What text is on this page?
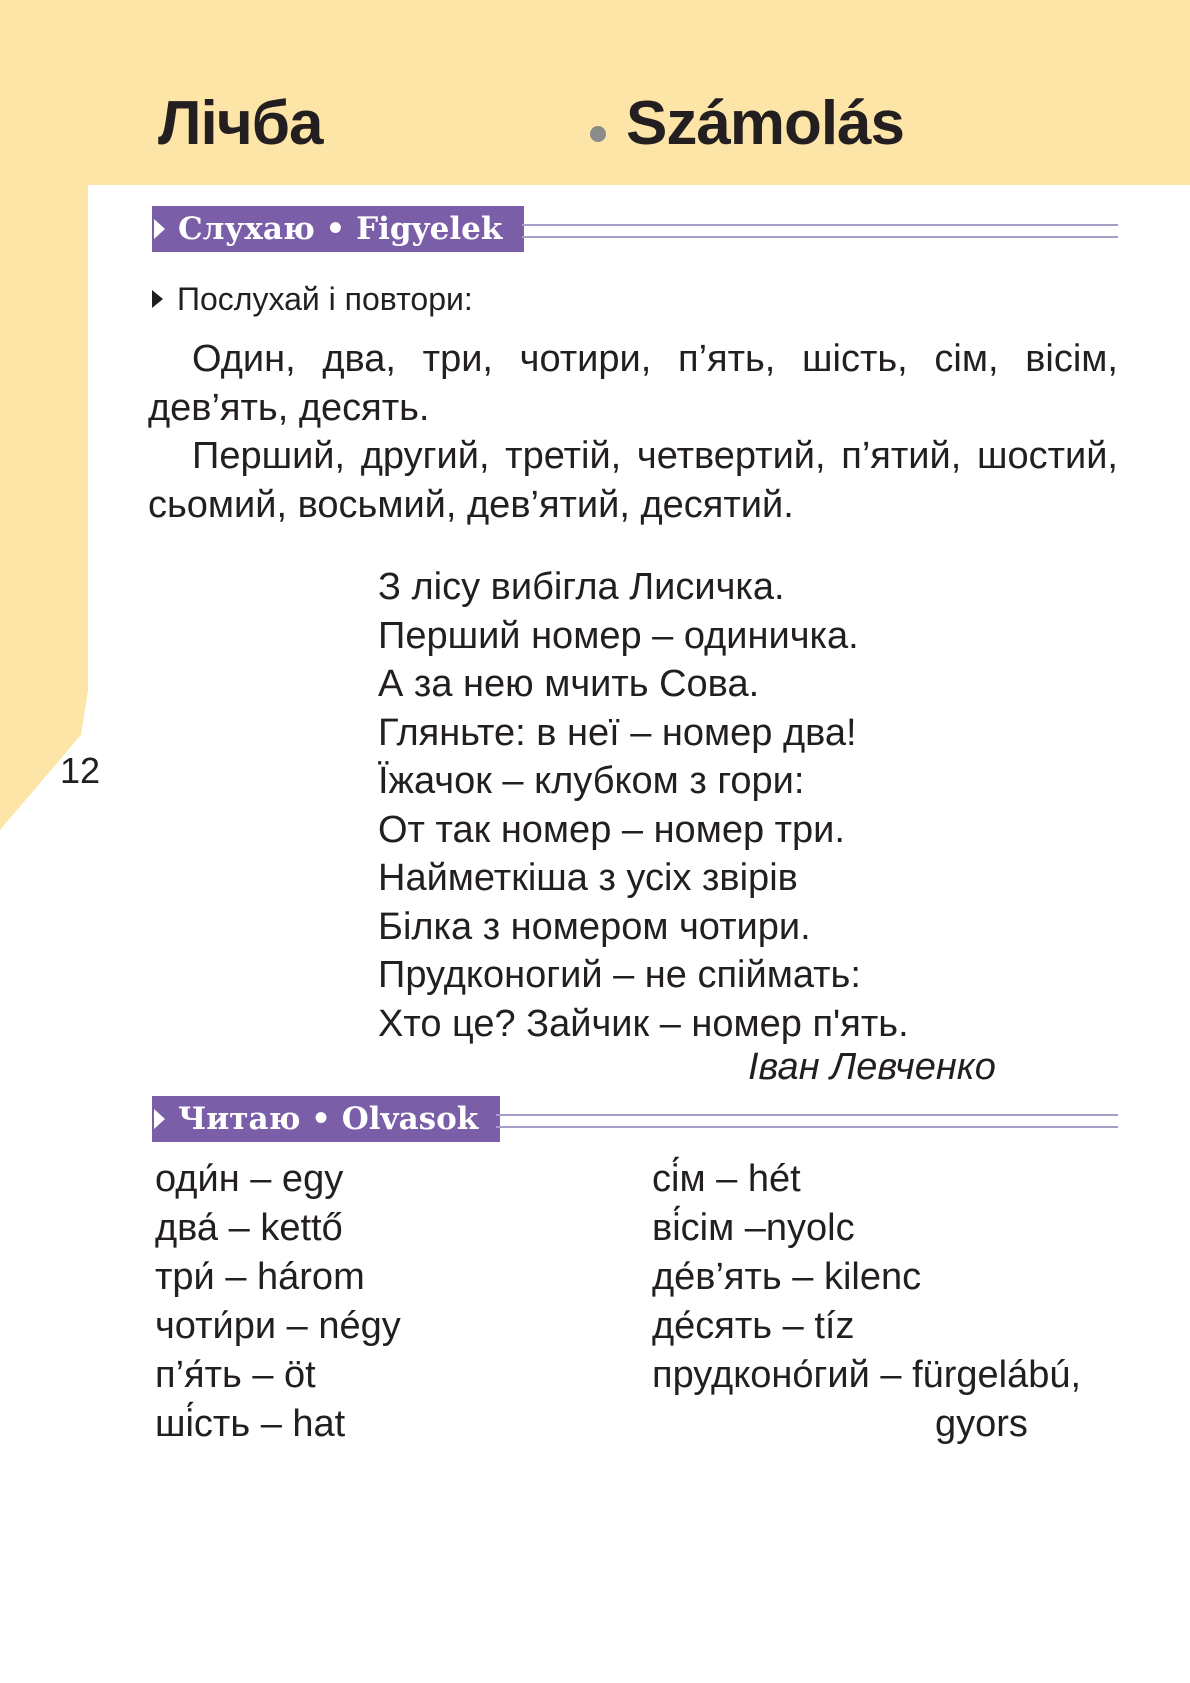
Лічба	Számolás
12
Слухаю • Figyelek
Послухай і повтори:
Один, два, три, чотири, п’ять, шість, сім, вісім, дев’ять, десять.
Перший, другий, третій, четвертий, п’ятий, шостий, сьомий, восьмий, дев’ятий, десятий.
З лісу вибігла Лисичка.
Перший номер – одиничка.
А за нею мчить Сова.
Гляньте: в неї – номер два!
Їжачок – клубком з гори:
От так номер – номер три.
Найметкіша з усіх звірів
Білка з номером чотири.
Прудконогий – не спіймать:
Хто це? Зайчик – номер п'ять.
Іван Левченко
Читаю • Olvasok
оди́н – egy
два́ – kettő
три́ – három
чоти́ри – négy
п’я́ть – öt
ші́сть – hat
сі́м – hét
ві́сім –nyolc
де́в’ять – kilenc
де́сять – tíz
прудконо́гий – fürgelábú,
gyors
